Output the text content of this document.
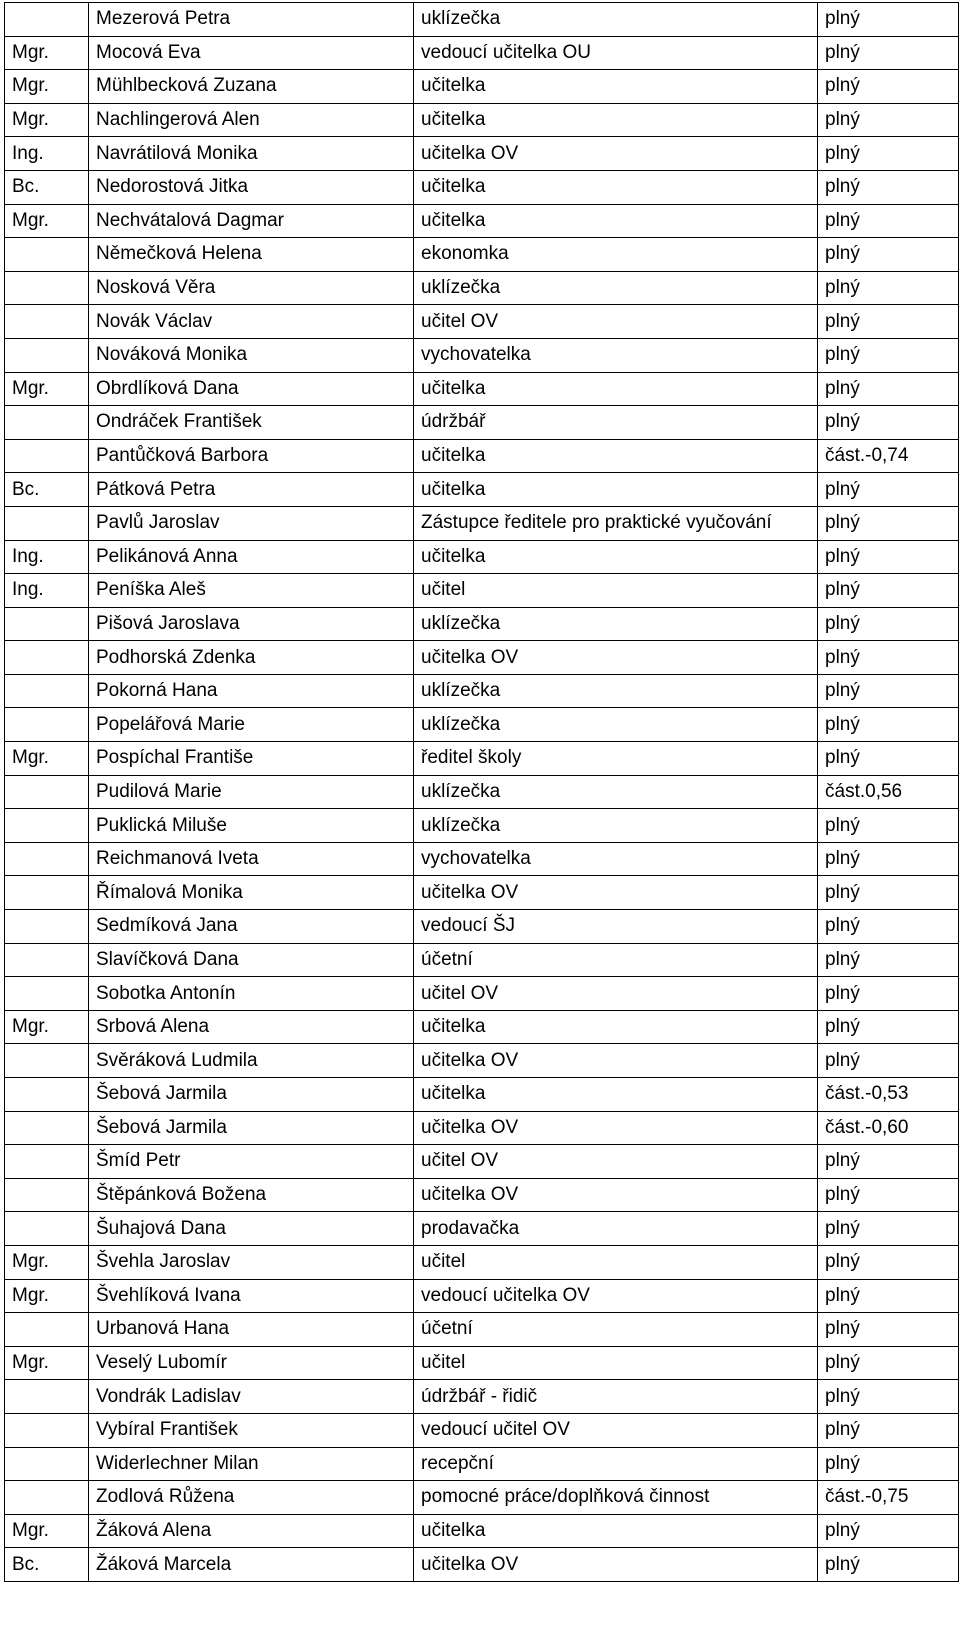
	Mezerová Petra	uklízečka	plný
Mgr.	Mocová Eva	vedoucí učitelka OU	plný
Mgr.	Mühlbecková Zuzana	učitelka	plný
Mgr.	Nachlingerová Alen	učitelka	plný
Ing.	Navrátilová Monika	učitelka OV	plný
Bc.	Nedorostová Jitka	učitelka	plný
Mgr.	Nechvátalová Dagmar	učitelka	plný
	Němečková Helena	ekonomka	plný
	Nosková Věra	uklízečka	plný
	Novák Václav	učitel OV	plný
	Nováková Monika	vychovatelka	plný
Mgr.	Obrdlíková Dana	učitelka	plný
	Ondráček František	údržbář	plný
	Pantůčková Barbora	učitelka	část.-0,74
Bc.	Pátková Petra	učitelka	plný
	Pavlů Jaroslav	Zástupce ředitele pro praktické vyučování	plný
Ing.	Pelikánová Anna	učitelka	plný
Ing.	Peníška Aleš	učitel	plný
	Pišová Jaroslava	uklízečka	plný
	Podhorská Zdenka	učitelka OV	plný
	Pokorná Hana	uklízečka	plný
	Popelářová Marie	uklízečka	plný
Mgr.	Pospíchal Františe	ředitel školy	plný
	Pudilová Marie	uklízečka	část.0,56
	Puklická Miluše	uklízečka	plný
	Reichmanová Iveta	vychovatelka	plný
	Římalová Monika	učitelka OV	plný
	Sedmíková Jana	vedoucí ŠJ	plný
	Slavíčková Dana	účetní	plný
	Sobotka Antonín	učitel OV	plný
Mgr.	Srbová Alena	učitelka	plný
	Svěráková Ludmila	učitelka OV	plný
	Šebová Jarmila	učitelka	část.-0,53
	Šebová Jarmila	učitelka OV	část.-0,60
	Šmíd Petr	učitel OV	plný
	Štěpánková Božena	učitelka OV	plný
	Šuhajová Dana	prodavačka	plný
Mgr.	Švehla Jaroslav	učitel	plný
Mgr.	Švehlíková Ivana	vedoucí učitelka OV	plný
	Urbanová Hana	účetní	plný
Mgr.	Veselý Lubomír	učitel	plný
	Vondrák Ladislav	údržbář - řidič	plný
	Vybíral František	vedoucí učitel OV	plný
	Widerlechner Milan	recepční	plný
	Zodlová Růžena	pomocné práce/doplňková činnost	část.-0,75
Mgr.	Žáková Alena	učitelka	plný
Bc.	Žáková Marcela	učitelka OV	plný
